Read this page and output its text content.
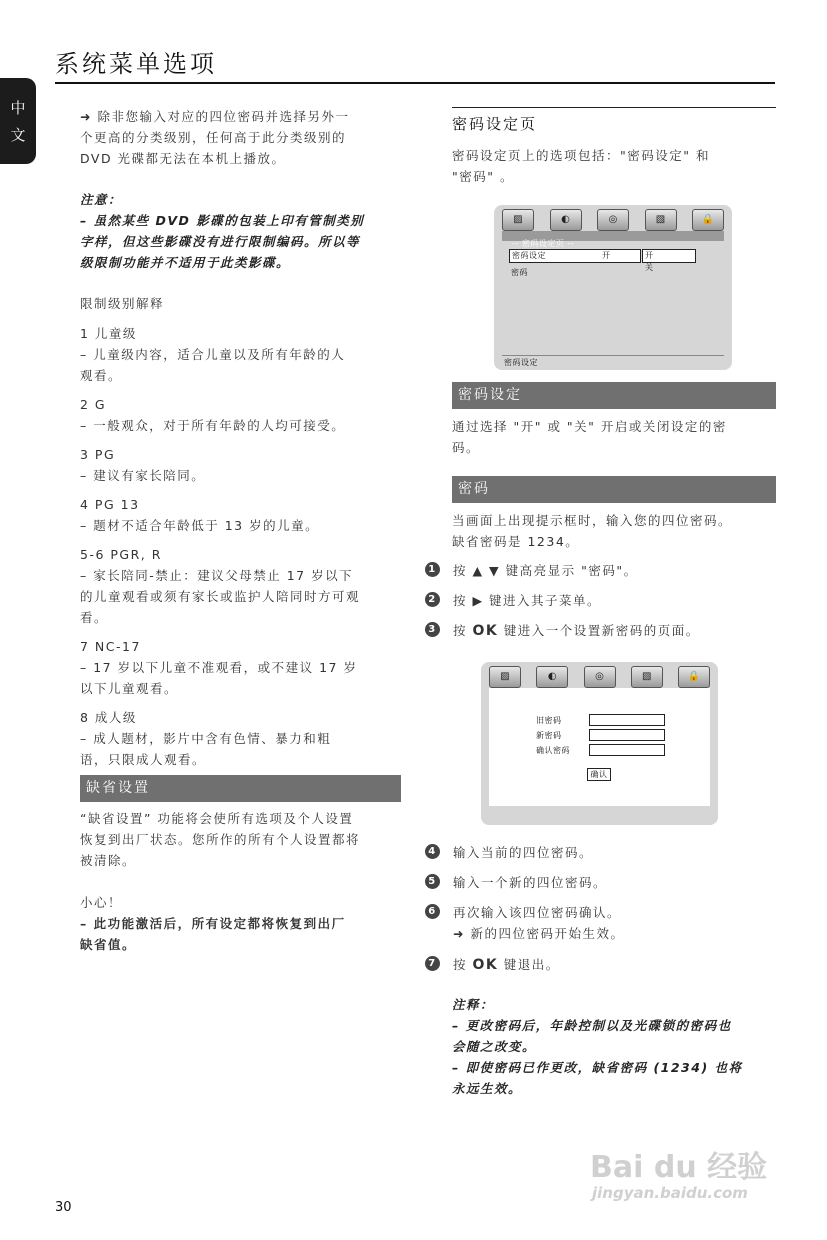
系统菜单选项
中
文

➜ 除非您输入对应的四位密码并选择另外一

个更高的分类级别，任何高于此分类级别的

DVD 光碟都无法在本机上播放。

注意：

– 虽然某些 DVD 影碟的包装上印有管制类别

字样，但这些影碟没有进行限制编码。所以等

级限制功能并不适用于此类影碟。

限制级别解释

1 儿童级

– 儿童级内容，适合儿童以及所有年龄的人

观看。

2 G

– 一般观众，对于所有年龄的人均可接受。

3 PG

– 建议有家长陪同。

4 PG 13

– 题材不适合年龄低于 13 岁的儿童。

5-6 PGR, R

– 家长陪同-禁止：建议父母禁止 17 岁以下

的儿童观看或须有家长或监护人陪同时方可观

看。

7 NC-17

– 17 岁以下儿童不准观看，或不建议 17 岁

以下儿童观看。

8 成人级

– 成人题材，影片中含有色情、暴力和粗

语，只限成人观看。

缺省设置

“缺省设置” 功能将会使所有选项及个人设置

恢复到出厂状态。您所作的所有个人设置都将

被清除。

小心！

– 此功能激活后，所有设定都将恢复到出厂

缺省值。

密码设定页

密码设定页上的选项包括："密码设定" 和

"密码" 。

▨	◐	◎	▧	🔒
-- 密码设定页 --
密码设定	开
密码
开
关
密码设定
密码设定

通过选择 "开" 或 "关" 开启或关闭设定的密

码。

密码

当画面上出现提示框时，输入您的四位密码。

缺省密码是 1234。

1 按 ▲ ▼ 键高亮显示 "密码"。
2 按 ▶ 键进入其子菜单。
3 按 OK 键进入一个设置新密码的页面。
▨	◐	◎	▧	🔒
旧密码
新密码
确认密码
确认
4 输入当前的四位密码。
5 输入一个新的四位密码。
6 再次输入该四位密码确认。
➜ 新的四位密码开始生效。
7 按 OK 键退出。

注释：

– 更改密码后，年龄控制以及光碟锁的密码也

会随之改变。

– 即使密码已作更改，缺省密码 (1234) 也将

永远生效。

30
Bai du 经验
jingyan.baidu.com
